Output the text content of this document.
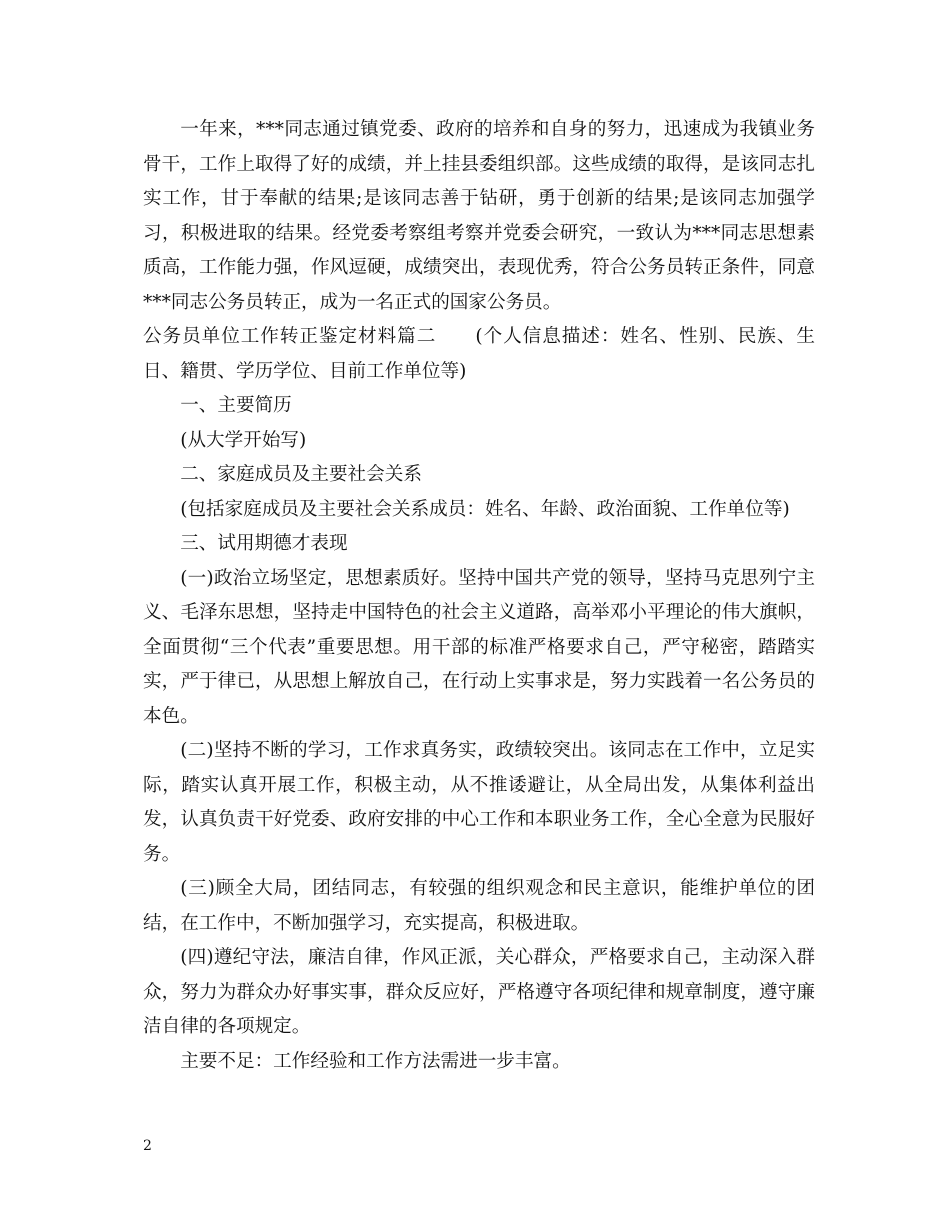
一年来，***同志通过镇党委、政府的培养和自身的努力，迅速成为我镇业务骨干，工作上取得了好的成绩，并上挂县委组织部。这些成绩的取得，是该同志扎实工作，甘于奉献的结果;是该同志善于钻研，勇于创新的结果;是该同志加强学习，积极进取的结果。经党委考察组考察并党委会研究，一致认为***同志思想素质高，工作能力强，作风逗硬，成绩突出，表现优秀，符合公务员转正条件，同意***同志公务员转正，成为一名正式的国家公务员。

公务员单位工作转正鉴定材料篇二　　(个人信息描述：姓名、性别、民族、生日、籍贯、学历学位、目前工作单位等)

一、主要简历

(从大学开始写)

二、家庭成员及主要社会关系

(包括家庭成员及主要社会关系成员：姓名、年龄、政治面貌、工作单位等)

三、试用期德才表现

(一)政治立场坚定，思想素质好。坚持中国共产党的领导，坚持马克思列宁主义、毛泽东思想，坚持走中国特色的社会主义道路，高举邓小平理论的伟大旗帜，全面贯彻“三个代表”重要思想。用干部的标准严格要求自己，严守秘密，踏踏实实，严于律已，从思想上解放自己，在行动上实事求是，努力实践着一名公务员的本色。

(二)坚持不断的学习，工作求真务实，政绩较突出。该同志在工作中，立足实际，踏实认真开展工作，积极主动，从不推诿避让，从全局出发，从集体利益出发，认真负责干好党委、政府安排的中心工作和本职业务工作，全心全意为民服好务。

(三)顾全大局，团结同志，有较强的组织观念和民主意识，能维护单位的团结，在工作中，不断加强学习，充实提高，积极进取。

(四)遵纪守法，廉洁自律，作风正派，关心群众，严格要求自己，主动深入群众，努力为群众办好事实事，群众反应好，严格遵守各项纪律和规章制度，遵守廉洁自律的各项规定。

主要不足：工作经验和工作方法需进一步丰富。

2
